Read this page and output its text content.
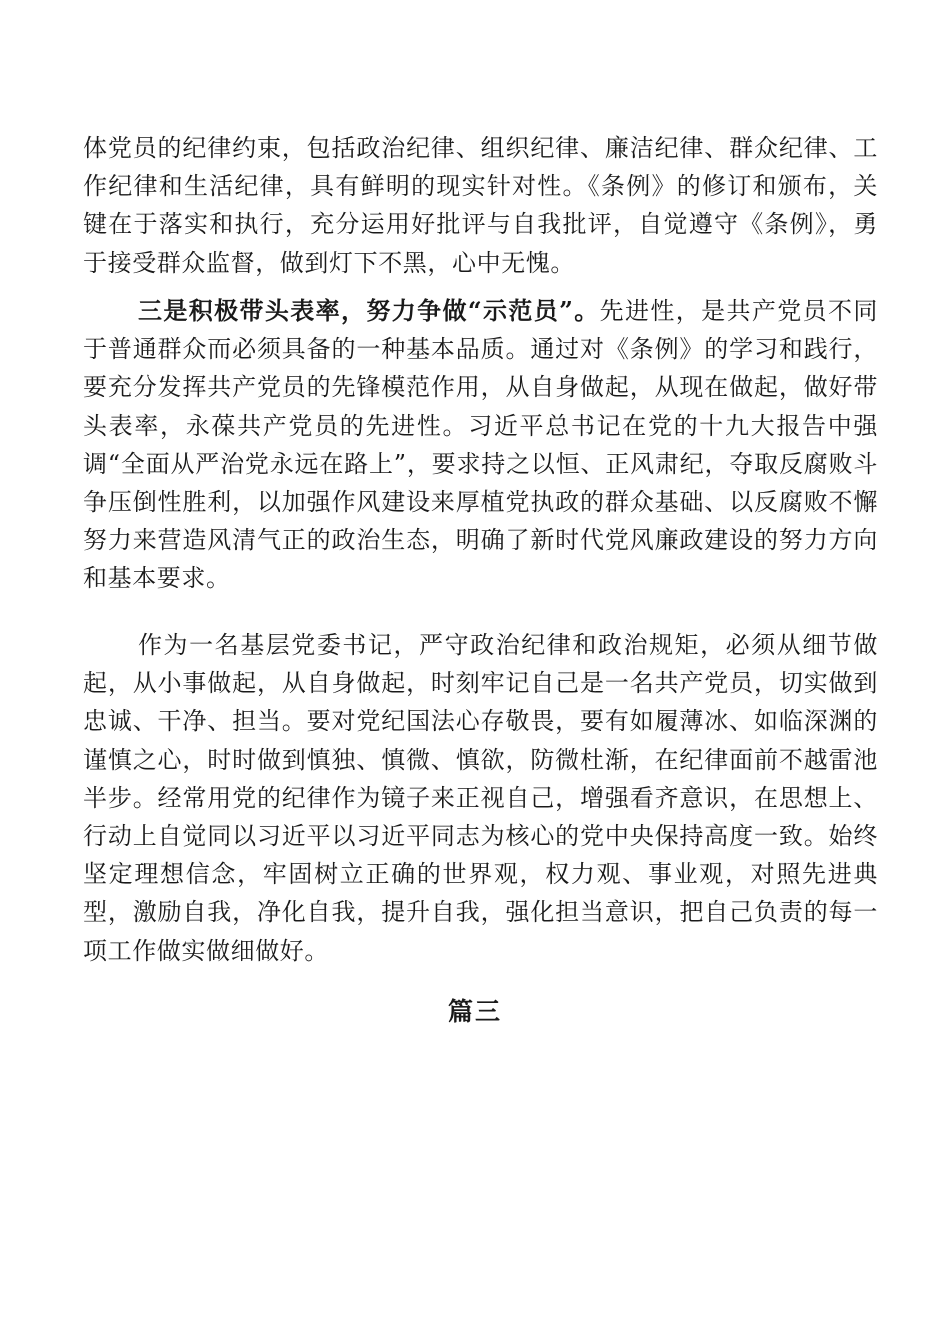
体党员的纪律约束，包括政治纪律、组织纪律、廉洁纪律、群众纪律、工作纪律和生活纪律，具有鲜明的现实针对性。《条例》的修订和颁布，关键在于落实和执行，充分运用好批评与自我批评，自觉遵守《条例》，勇于接受群众监督，做到灯下不黑，心中无愧。

三是积极带头表率，努力争做“示范员”。先进性，是共产党员不同于普通群众而必须具备的一种基本品质。通过对《条例》的学习和践行，要充分发挥共产党员的先锋模范作用，从自身做起，从现在做起，做好带头表率，永葆共产党员的先进性。习近平总书记在党的十九大报告中强调“全面从严治党永远在路上”，要求持之以恒、正风肃纪，夺取反腐败斗争压倒性胜利，以加强作风建设来厚植党执政的群众基础、以反腐败不懈努力来营造风清气正的政治生态，明确了新时代党风廉政建设的努力方向和基本要求。

作为一名基层党委书记，严守政治纪律和政治规矩，必须从细节做起，从小事做起，从自身做起，时刻牢记自己是一名共产党员，切实做到忠诚、干净、担当。要对党纪国法心存敬畏，要有如履薄冰、如临深渊的谨慎之心，时时做到慎独、慎微、慎欲，防微杜渐，在纪律面前不越雷池半步。经常用党的纪律作为镜子来正视自己，增强看齐意识，在思想上、行动上自觉同以习近平以习近平同志为核心的党中央保持高度一致。始终坚定理想信念，牢固树立正确的世界观，权力观、事业观，对照先进典型，激励自我，净化自我，提升自我，强化担当意识，把自己负责的每一项工作做实做细做好。

篇三
